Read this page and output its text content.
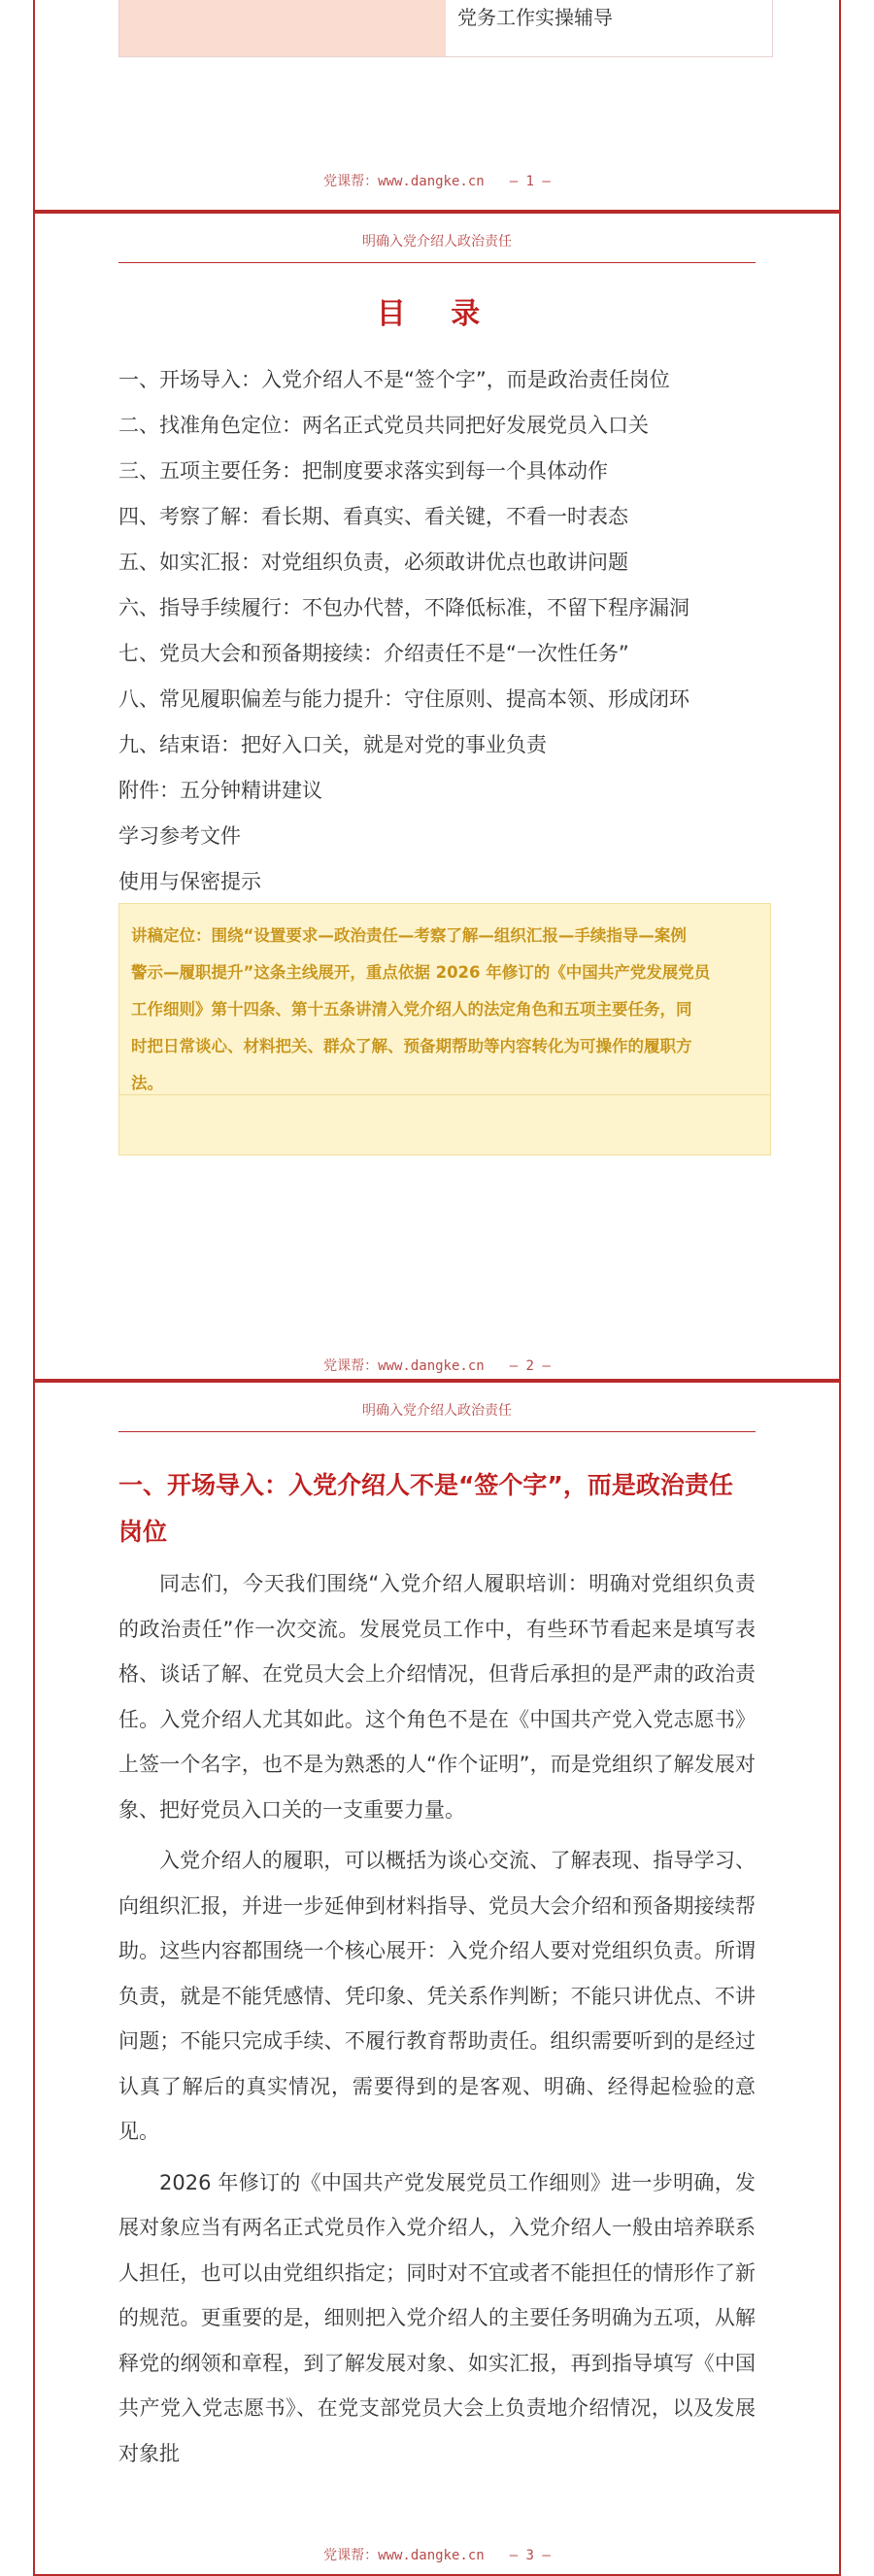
党务工作实操辅导
党课帮：www.dangke.cn — 1 —
明确入党介绍人政治责任
目 录
一、开场导入：入党介绍人不是“签个字”，而是政治责任岗位
二、找准角色定位：两名正式党员共同把好发展党员入口关
三、五项主要任务：把制度要求落实到每一个具体动作
四、考察了解：看长期、看真实、看关键，不看一时表态
五、如实汇报：对党组织负责，必须敢讲优点也敢讲问题
六、指导手续履行：不包办代替，不降低标准，不留下程序漏洞
七、党员大会和预备期接续：介绍责任不是“一次性任务”
八、常见履职偏差与能力提升：守住原则、提高本领、形成闭环
九、结束语：把好入口关，就是对党的事业负责
附件：五分钟精讲建议
学习参考文件
使用与保密提示
讲稿定位：围绕“设置要求—政治责任—考察了解—组织汇报—手续指导—案例
警示—履职提升”这条主线展开，重点依据 2026 年修订的《中国共产党发展党员
工作细则》第十四条、第十五条讲清入党介绍人的法定角色和五项主要任务，同
时把日常谈心、材料把关、群众了解、预备期帮助等内容转化为可操作的履职方
法。
党课帮：www.dangke.cn — 2 —
明确入党介绍人政治责任
一、开场导入：入党介绍人不是“签个字”，而是政治责任岗位

同志们，今天我们围绕“入党介绍人履职培训：明确对党组织负责的政治责任”作一次交流。发展党员工作中，有些环节看起来是填写表格、谈话了解、在党员大会上介绍情况，但背后承担的是严肃的政治责任。入党介绍人尤其如此。这个角色不是在《中国共产党入党志愿书》上签一个名字，也不是为熟悉的人“作个证明”，而是党组织了解发展对象、把好党员入口关的一支重要力量。

入党介绍人的履职，可以概括为谈心交流、了解表现、指导学习、向组织汇报，并进一步延伸到材料指导、党员大会介绍和预备期接续帮助。这些内容都围绕一个核心展开：入党介绍人要对党组织负责。所谓负责，就是不能凭感情、凭印象、凭关系作判断；不能只讲优点、不讲问题；不能只完成手续、不履行教育帮助责任。组织需要听到的是经过认真了解后的真实情况，需要得到的是客观、明确、经得起检验的意见。

2026 年修订的《中国共产党发展党员工作细则》进一步明确，发展对象应当有两名正式党员作入党介绍人，入党介绍人一般由培养联系人担任，也可以由党组织指定；同时对不宜或者不能担任的情形作了新的规范。更重要的是，细则把入党介绍人的主要任务明确为五项，从解释党的纲领和章程，到了解发展对象、如实汇报，再到指导填写《中国共产党入党志愿书》、在党支部党员大会上负责地介绍情况，以及发展对象批

党课帮：www.dangke.cn — 3 —
